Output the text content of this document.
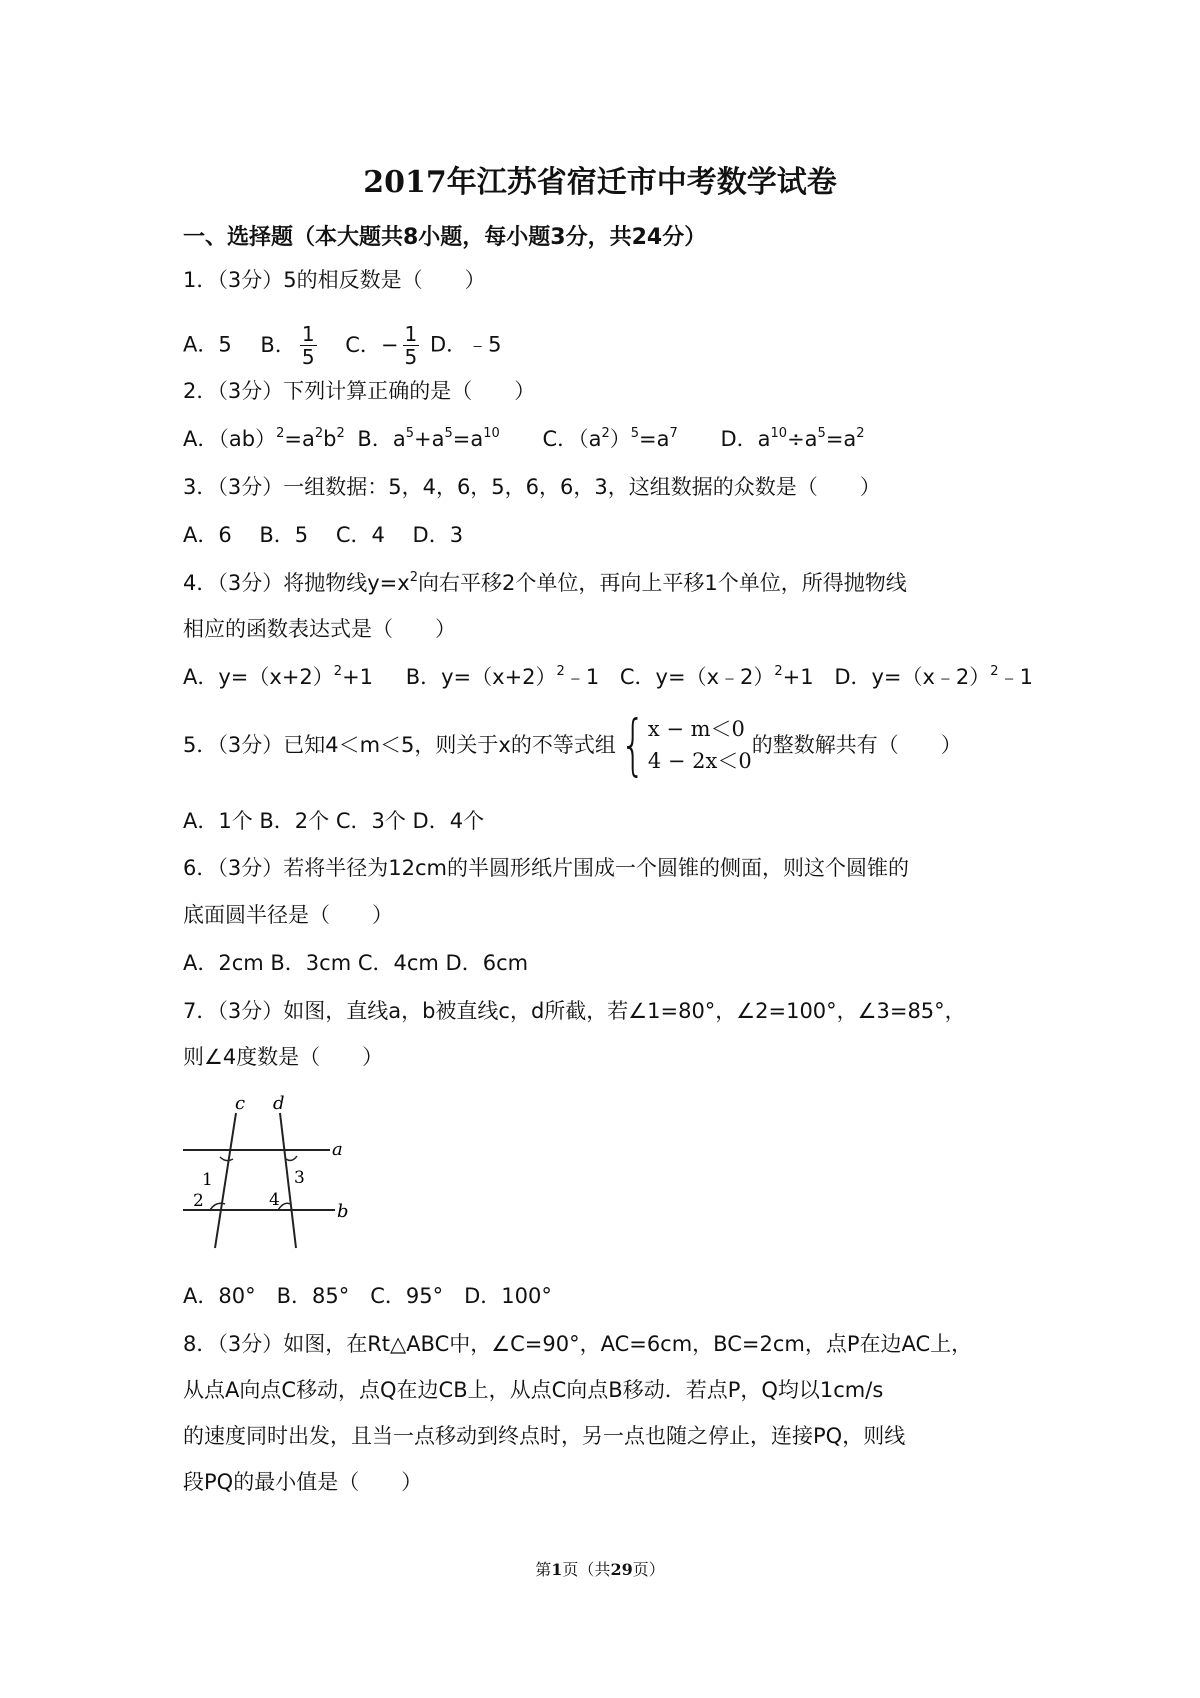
2017年江苏省宿迁市中考数学试卷
一、选择题（本大题共8小题，每小题3分，共24分）
1．（3分）5的相反数是（　　）
A．5 B． $\frac{1}{5}$ C．− $\frac{1}{5}$ D．﹣5
2．（3分）下列计算正确的是（　　）
A．$(ab)^2=a^2b^2$ B．$a^5+a^5=a^{10}$ C．$(a^2)^5=a^7$ D．$a^{10}\div a^5=a^2$
3．（3分）一组数据：5，4，6，5，6，6，3，这组数据的众数是（　　）
A．6　 B．5　 C．4　 D．3
4．（3分）将抛物线$y=x^2$向右平移2个单位，再向上平移1个单位，所得抛物线
相应的函数表达式是（　　）
A．$y=(x+2)^2+1$ B．$y=(x+2)^2﹣1$ C．y=（x﹣2）$^2$+1 D．y=（x﹣2）$^2$﹣1
5．（3分）已知4＜m＜5，则关于x的不等式组 { x − m＜0
4 − 2x＜0
的整数解共有（　　）
A．1个 B．2个 C．3个 D．4个
6．（3分）若将半径为12cm的半圆形纸片围成一个圆锥的侧面，则这个圆锥的
底面圆半径是（　　）
A．2cm B．3cm C．4cm D．6cm
7．（3分）如图，直线a，b被直线c，d所截，若∠1=80°，∠2=100°，∠3=85°，
则∠4度数是（　　）
c d
a
b
1
2
3
4
A．80°　B．85°　C．95°　D．100°
8．（3分）如图，在Rt△ABC中，∠C=90°，AC=6cm，BC=2cm，点P在边AC上，
从点A向点C移动，点Q在边CB上，从点C向点B移动．若点P，Q均以1cm/s
的速度同时出发，且当一点移动到终点时，另一点也随之停止，连接PQ，则线
段PQ的最小值是（　　）
第1页（共29页）
